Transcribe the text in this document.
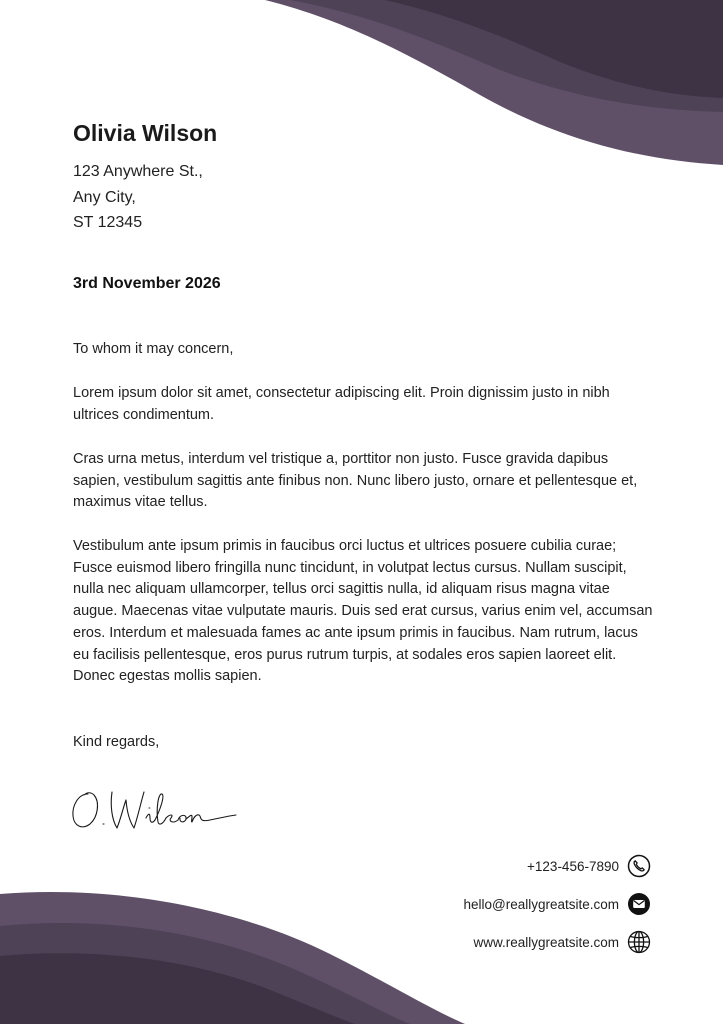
Olivia Wilson
123 Anywhere St.,
Any City,
ST 12345
3rd November 2026
To whom it may concern,
Lorem ipsum dolor sit amet, consectetur adipiscing elit. Proin dignissim justo in nibh ultrices condimentum.
Cras urna metus, interdum vel tristique a, porttitor non justo. Fusce gravida dapibus sapien, vestibulum sagittis ante finibus non. Nunc libero justo, ornare et pellentesque et, maximus vitae tellus.
Vestibulum ante ipsum primis in faucibus orci luctus et ultrices posuere cubilia curae; Fusce euismod libero fringilla nunc tincidunt, in volutpat lectus cursus. Nullam suscipit, nulla nec aliquam ullamcorper, tellus orci sagittis nulla, id aliquam risus magna vitae augue. Maecenas vitae vulputate mauris. Duis sed erat cursus, varius enim vel, accumsan eros. Interdum et malesuada fames ac ante ipsum primis in faucibus. Nam rutrum, lacus eu facilisis pellentesque, eros purus rutrum turpis, at sodales eros sapien laoreet elit. Donec egestas mollis sapien.
Kind regards,
+123-456-7890
hello@reallygreatsite.com
www.reallygreatsite.com
